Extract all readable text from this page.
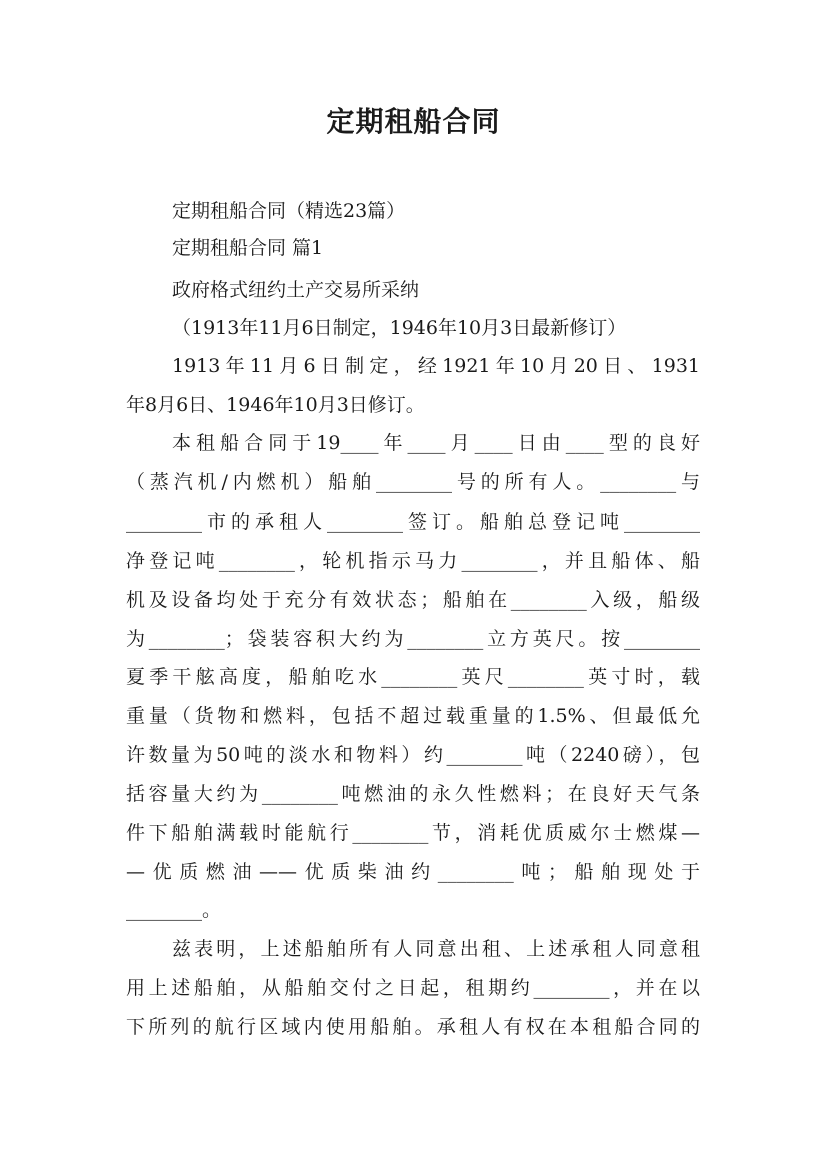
定期租船合同
定期租船合同（精选23篇）
定期租船合同 篇1
政府格式纽约土产交易所采纳
（1913年11月6日制定，1946年10月3日最新修订）
1913年11月6日制定，经1921年10月20日、1931
年8月6日、1946年10月3日修订。
本租船合同于19____年____月____日由____型的良好
（蒸汽机/内燃机）船舶________号的所有人。________与
________市的承租人________签订。船舶总登记吨________
净登记吨________，轮机指示马力________，并且船体、船
机及设备均处于充分有效状态；船舶在________入级，船级
为________；袋装容积大约为________立方英尺。按________
夏季干舷高度，船舶吃水________英尺________英寸时，载
重量（货物和燃料，包括不超过载重量的1.5%、但最低允
许数量为50吨的淡水和物料）约________吨（2240磅），包
括容量大约为________吨燃油的永久性燃料；在良好天气条
件下船舶满载时能航行________节，消耗优质威尔士燃煤—
—优质燃油——优质柴油约________吨；船舶现处于
________。
兹表明，上述船舶所有人同意出租、上述承租人同意租
用上述船舶，从船舶交付之日起，租期约________，并在以
下所列的航行区域内使用船舶。承租人有权在本租船合同的
